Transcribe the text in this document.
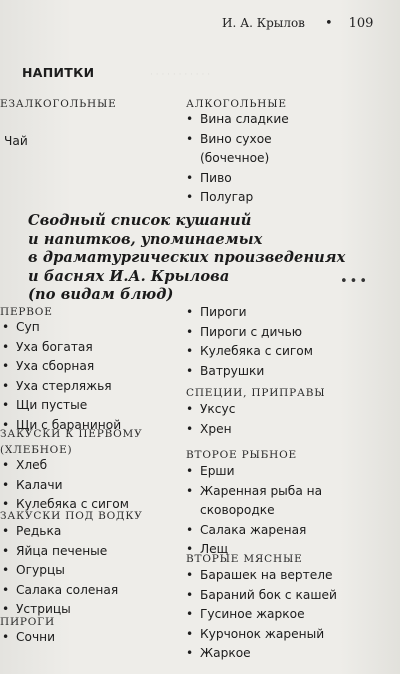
· · · · · · · · · · ·
И. А. Крылов • 109
НАПИТКИ
ЕЗАЛКОГОЛЬНЫЕ
Чай
АЛКОГОЛЬНЫЕ
• Вина сладкие
• Вино сухое
(бочечное)
• Пиво
• Полугар
Сводный список кушаний
и напитков, упоминаемых
в драматургических произведениях
и баснях И.А. Крылова
(по видам блюд)
•••
ПЕРВОЕ
• Суп
• Уха богатая
• Уха сборная
• Уха стерляжья
• Щи пустые
• Щи с бараниной
ЗАКУСКИ К ПЕРВОМУ
(ХЛЕБНОЕ)
• Хлеб
• Калачи
• Кулебяка с сигом
ЗАКУСКИ ПОД ВОДКУ
• Редька
• Яйца печеные
• Огурцы
• Салака соленая
• Устрицы
ПИРОГИ
• Сочни
• Пироги
• Пироги с дичью
• Кулебяка с сигом
• Ватрушки
СПЕЦИИ, ПРИПРАВЫ
• Уксус
• Хрен
ВТОРОЕ РЫБНОЕ
• Ерши
• Жаренная рыба на
сковородке
• Салака жареная
• Лещ
ВТОРЫЕ МЯСНЫЕ
• Барашек на вертеле
• Бараний бок с кашей
• Гусиное жаркое
• Курчонок жареный
• Жаркое
